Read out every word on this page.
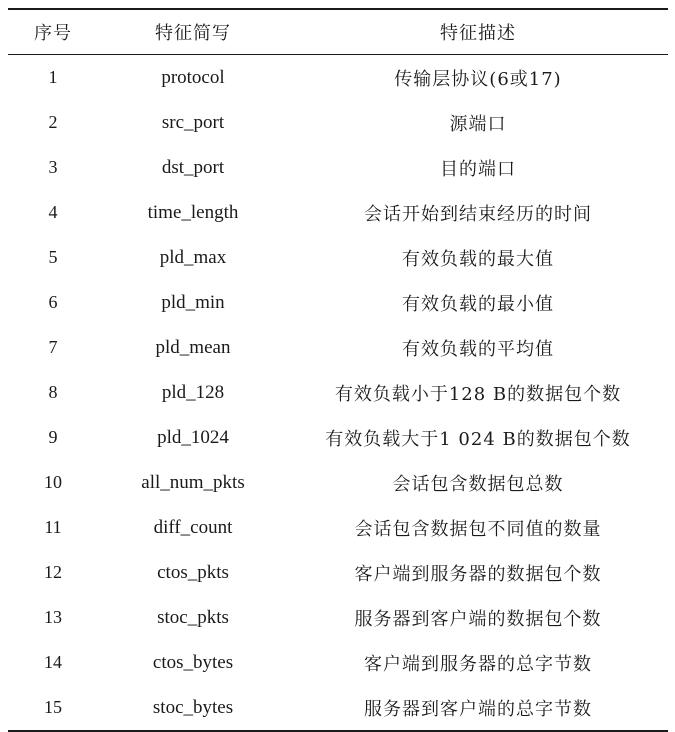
序号	特征简写	特征描述
1	protocol	传输层协议(6或17)
2	src_port	源端口
3	dst_port	目的端口
4	time_length	会话开始到结束经历的时间
5	pld_max	有效负载的最大值
6	pld_min	有效负载的最小值
7	pld_mean	有效负载的平均值
8	pld_128	有效负载小于128 B的数据包个数
9	pld_1024	有效负载大于1 024 B的数据包个数
10	all_num_pkts	会话包含数据包总数
11	diff_count	会话包含数据包不同值的数量
12	ctos_pkts	客户端到服务器的数据包个数
13	stoc_pkts	服务器到客户端的数据包个数
14	ctos_bytes	客户端到服务器的总字节数
15	stoc_bytes	服务器到客户端的总字节数
